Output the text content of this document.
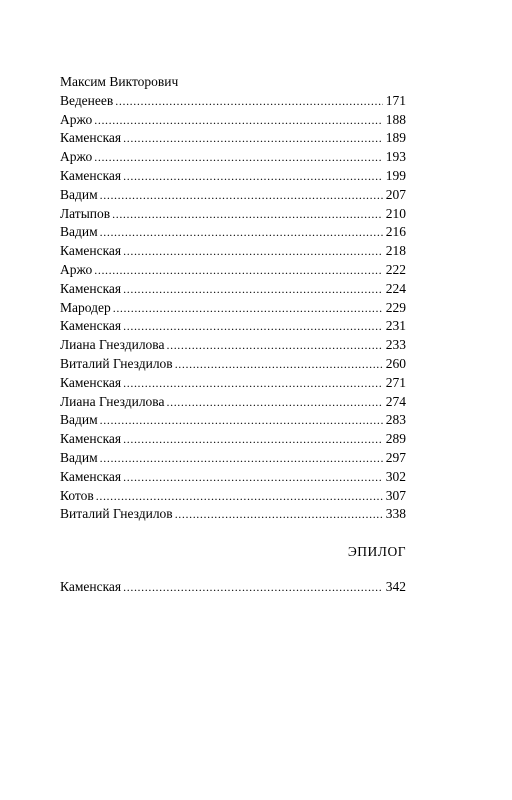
Максим Викторович
Веденеев . . .	171
Аржо . . .	188
Каменская . . .	189
Аржо . . .	193
Каменская . . .	199
Вадим . . .	207
Латыпов . . .	210
Вадим . . .	216
Каменская . . .	218
Аржо . . .	222
Каменская . . .	224
Мародер . . .	229
Каменская . . .	231
Лиана Гнездилова . . .	233
Виталий Гнездилов . . .	260
Каменская . . .	271
Лиана Гнездилова . . .	274
Вадим . . .	283
Каменская . . .	289
Вадим . . .	297
Каменская . . .	302
Котов . . .	307
Виталий Гнездилов . . .	338
ЭПИЛОГ
Каменская . . .	342
